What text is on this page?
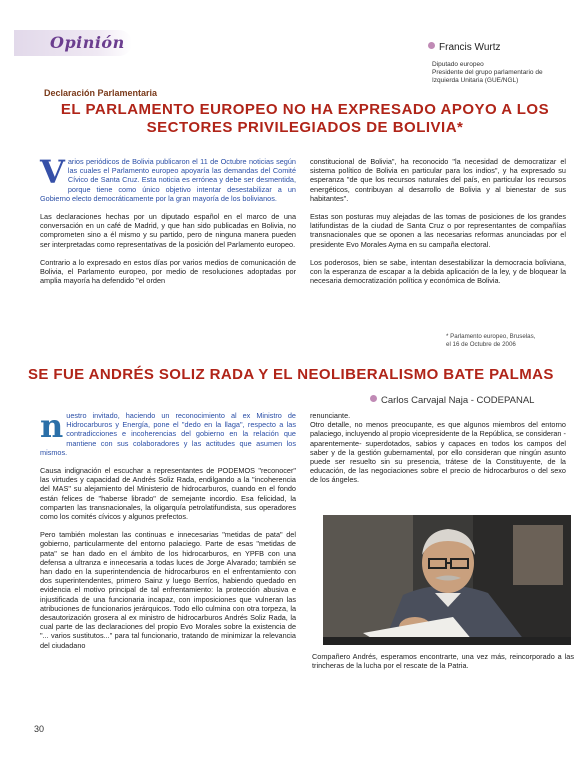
Opinión	Francis Wurtz
Diputado europeo
Presidente del grupo parlamentario de
Izquierda Unitaria (GUE/NGL)
Declaración Parlamentaria
EL PARLAMENTO EUROPEO NO HA EXPRESADO APOYO A LOS SECTORES PRIVILEGIADOS DE BOLIVIA*

Varios periódicos de Bolivia publicaron el 11 de Octubre noticias según las cuales el Parlamento europeo apoyaría las demandas del Comité Cívico de Santa Cruz. Esta noticia es errónea y debe ser desmentida, porque tiene como único objetivo intentar desestabilizar a un Gobierno electo democráticamente por la gran mayoría de los bolivianos.

Las declaraciones hechas por un diputado español en el marco de una conversación en un café de Madrid, y que han sido publicadas en Bolivia, no comprometen sino a él mismo y su partido, pero de ninguna manera pueden ser interpretadas como representativas de la posición del Parlamento europeo.

Contrario a lo expresado en estos días por varios medios de comunicación de Bolivia, el Parlamento europeo, por medio de resoluciones adoptadas por amplia mayoría ha defendido "el orden

constitucional de Bolivia", ha reconocido "la necesidad de democratizar el sistema político de Bolivia en particular para los indios", y ha expresado su esperanza "de que los recursos naturales del país, en particular los recursos energéticos, contribuyan al desarrollo de Bolivia y al bienestar de sus habitantes".

Estas son posturas muy alejadas de las tomas de posiciones de los grandes latifundistas de la ciudad de Santa Cruz o por representantes de compañías transnacionales que se oponen a las necesarias reformas anunciadas por el presidente Evo Morales Ayma en su campaña electoral.

Los poderosos, bien se sabe, intentan desestabilizar la democracia boliviana, con la esperanza de escapar a la debida aplicación de la ley, y de bloquear la necesaria democratización política y económica de Bolivia.

* Parlamento europeo, Bruselas,
el 16 de Octubre de 2006
SE FUE ANDRÉS SOLIZ RADA Y EL NEOLIBERALISMO BATE PALMAS
Carlos Carvajal Naja - CODEPANAL

nuestro invitado, haciendo un reconocimiento al ex Ministro de Hidrocarburos y Energía, pone el "dedo en la llaga", respecto a las contradicciones e incoherencias del gobierno en la relación que mantiene con sus colaboradores y las actitudes que asumen los mismos.

Causa indignación el escuchar a representantes de PODEMOS "reconocer" las virtudes y capacidad de Andrés Soliz Rada, endilgando a la "incoherencia del MAS" su alejamiento del Ministerio de hidrocarburos, cuando en el fondo están felices de "haberse librado" de semejante incordio. Esa felicidad, la comparten las transnacionales, la oligarquía petrolatifundista, sus operadores como los comités cívicos y algunos prefectos.

Pero también molestan las continuas e innecesarias "metidas de pata" del gobierno, particularmente del entorno palaciego. Parte de esas "metidas de pata" se han dado en el ámbito de los hidrocarburos, en YPFB con una defensa a ultranza e innecesaria a todas luces de Jorge Alvarado; también se han dado en la superintendencia de hidrocarburos en el enfrentamiento con dos superintendentes, primero Sainz y luego Berríos, habiendo quedado en evidencia el motivo principal de tal enfrentamiento: la protección abusiva e injustificada de una funcionaria incapaz, con imposiciones que vulneran las atribuciones de funcionarios jerárquicos. Todo ello culmina con otra torpeza, la desautorización grosera al ex ministro de hidrocarburos Andrés Soliz Rada, la cual parte de las declaraciones del propio Evo Morales sobre la existencia de "... varios sustitutos..." para tal funcionario, tratando de minimizar la relevancia del ciudadano

renunciante.

Otro detalle, no menos preocupante, es que algunos miembros del entorno palaciego, incluyendo al propio vicepresidente de la República, se consideran -aparentemente- superdotados, sabios y capaces en todos los campos del saber y de la gestión gubernamental, por ello consideran que ningún asunto puede ser resuelto sin su presencia, trátese de la Constituyente, de la educación, de las negociaciones sobre el precio de hidrocarburos o del sexo de los ángeles.

Compañero Andrés, esperamos encontrarte, una vez más, reincorporado a las trincheras de la lucha por el rescate de la Patria.
30
